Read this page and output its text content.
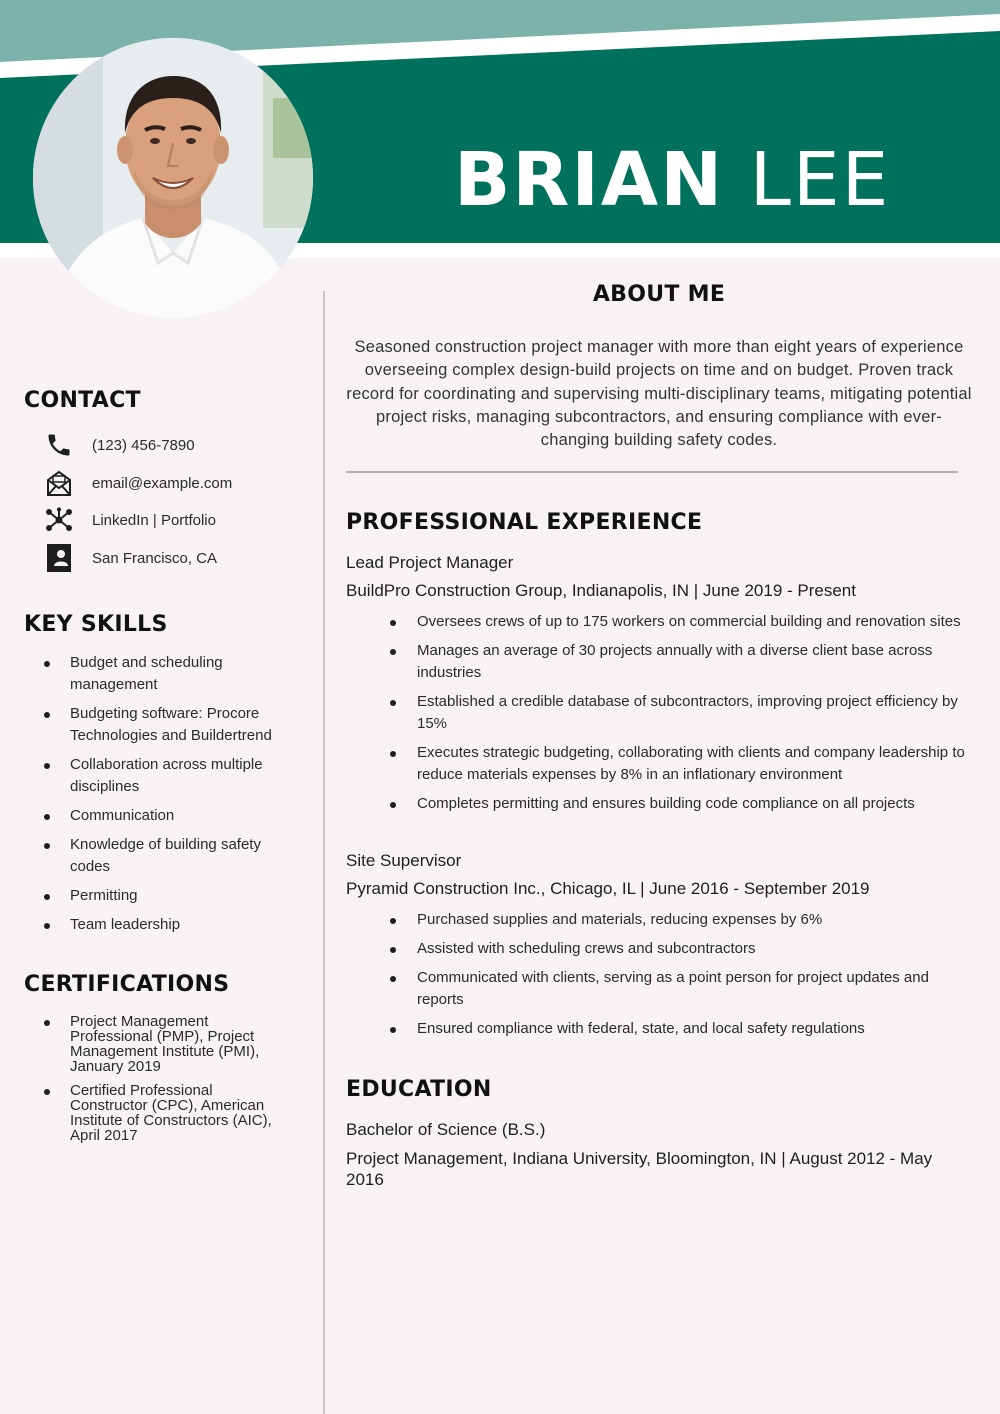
BRIAN LEE
CONTACT
(123) 456-7890
email@example.com
LinkedIn | Portfolio
San Francisco, CA
KEY SKILLS
Budget and scheduling management
Budgeting software: Procore Technologies and Buildertrend
Collaboration across multiple disciplines
Communication
Knowledge of building safety codes
Permitting
Team leadership
CERTIFICATIONS
Project Management Professional (PMP), Project Management Institute (PMI), January 2019
Certified Professional Constructor (CPC), American Institute of Constructors (AIC), April 2017
ABOUT ME

Seasoned construction project manager with more than eight years of experience overseeing complex design-build projects on time and on budget. Proven track record for coordinating and supervising multi-disciplinary teams, mitigating potential project risks, managing subcontractors, and ensuring compliance with ever-changing building safety codes.

PROFESSIONAL EXPERIENCE
Lead Project Manager
BuildPro Construction Group, Indianapolis, IN | June 2019 - Present
Oversees crews of up to 175 workers on commercial building and renovation sites
Manages an average of 30 projects annually with a diverse client base across industries
Established a credible database of subcontractors, improving project efficiency by 15%
Executes strategic budgeting, collaborating with clients and company leadership to reduce materials expenses by 8% in an inflationary environment
Completes permitting and ensures building code compliance on all projects
Site Supervisor
Pyramid Construction Inc., Chicago, IL | June 2016 - September 2019
Purchased supplies and materials, reducing expenses by 6%
Assisted with scheduling crews and subcontractors
Communicated with clients, serving as a point person for project updates and reports
Ensured compliance with federal, state, and local safety regulations
EDUCATION
Bachelor of Science (B.S.)
Project Management, Indiana University, Bloomington, IN | August 2012 - May 2016
